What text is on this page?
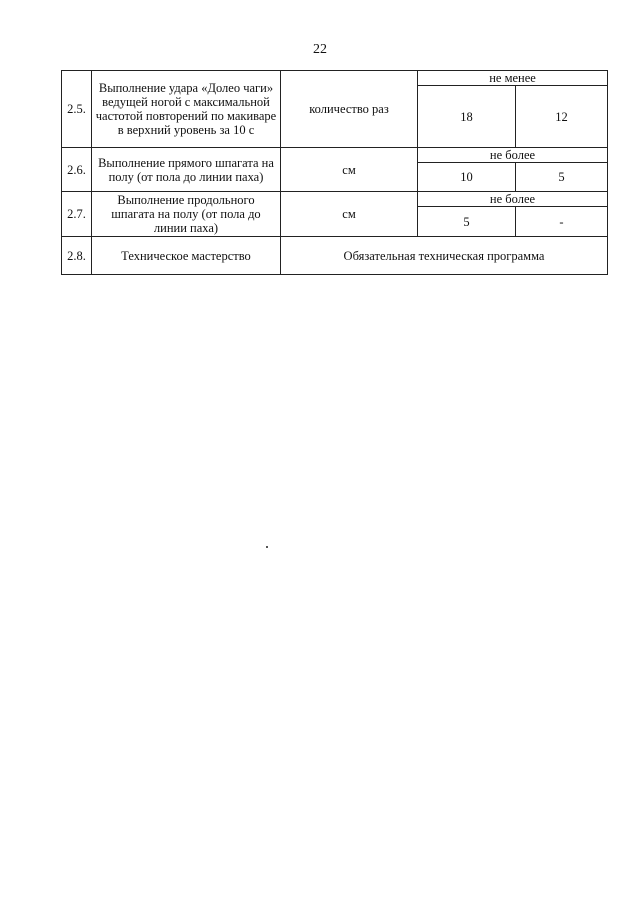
22
2.5.	Выполнение удара «Долео чаги» ведущей ногой с максимальной частотой повторений по макиваре в верхний уровень за 10 с	количество раз	не менее	
			18	12
2.6.	Выполнение прямого шпагата на полу (от пола до линии паха)	см	не более	
			10	5
2.7.	Выполнение продольного шпагата на полу (от пола до линии паха)	см	не более	
			5	-
2.8.	Техническое мастерство	Обязательная техническая программа		
